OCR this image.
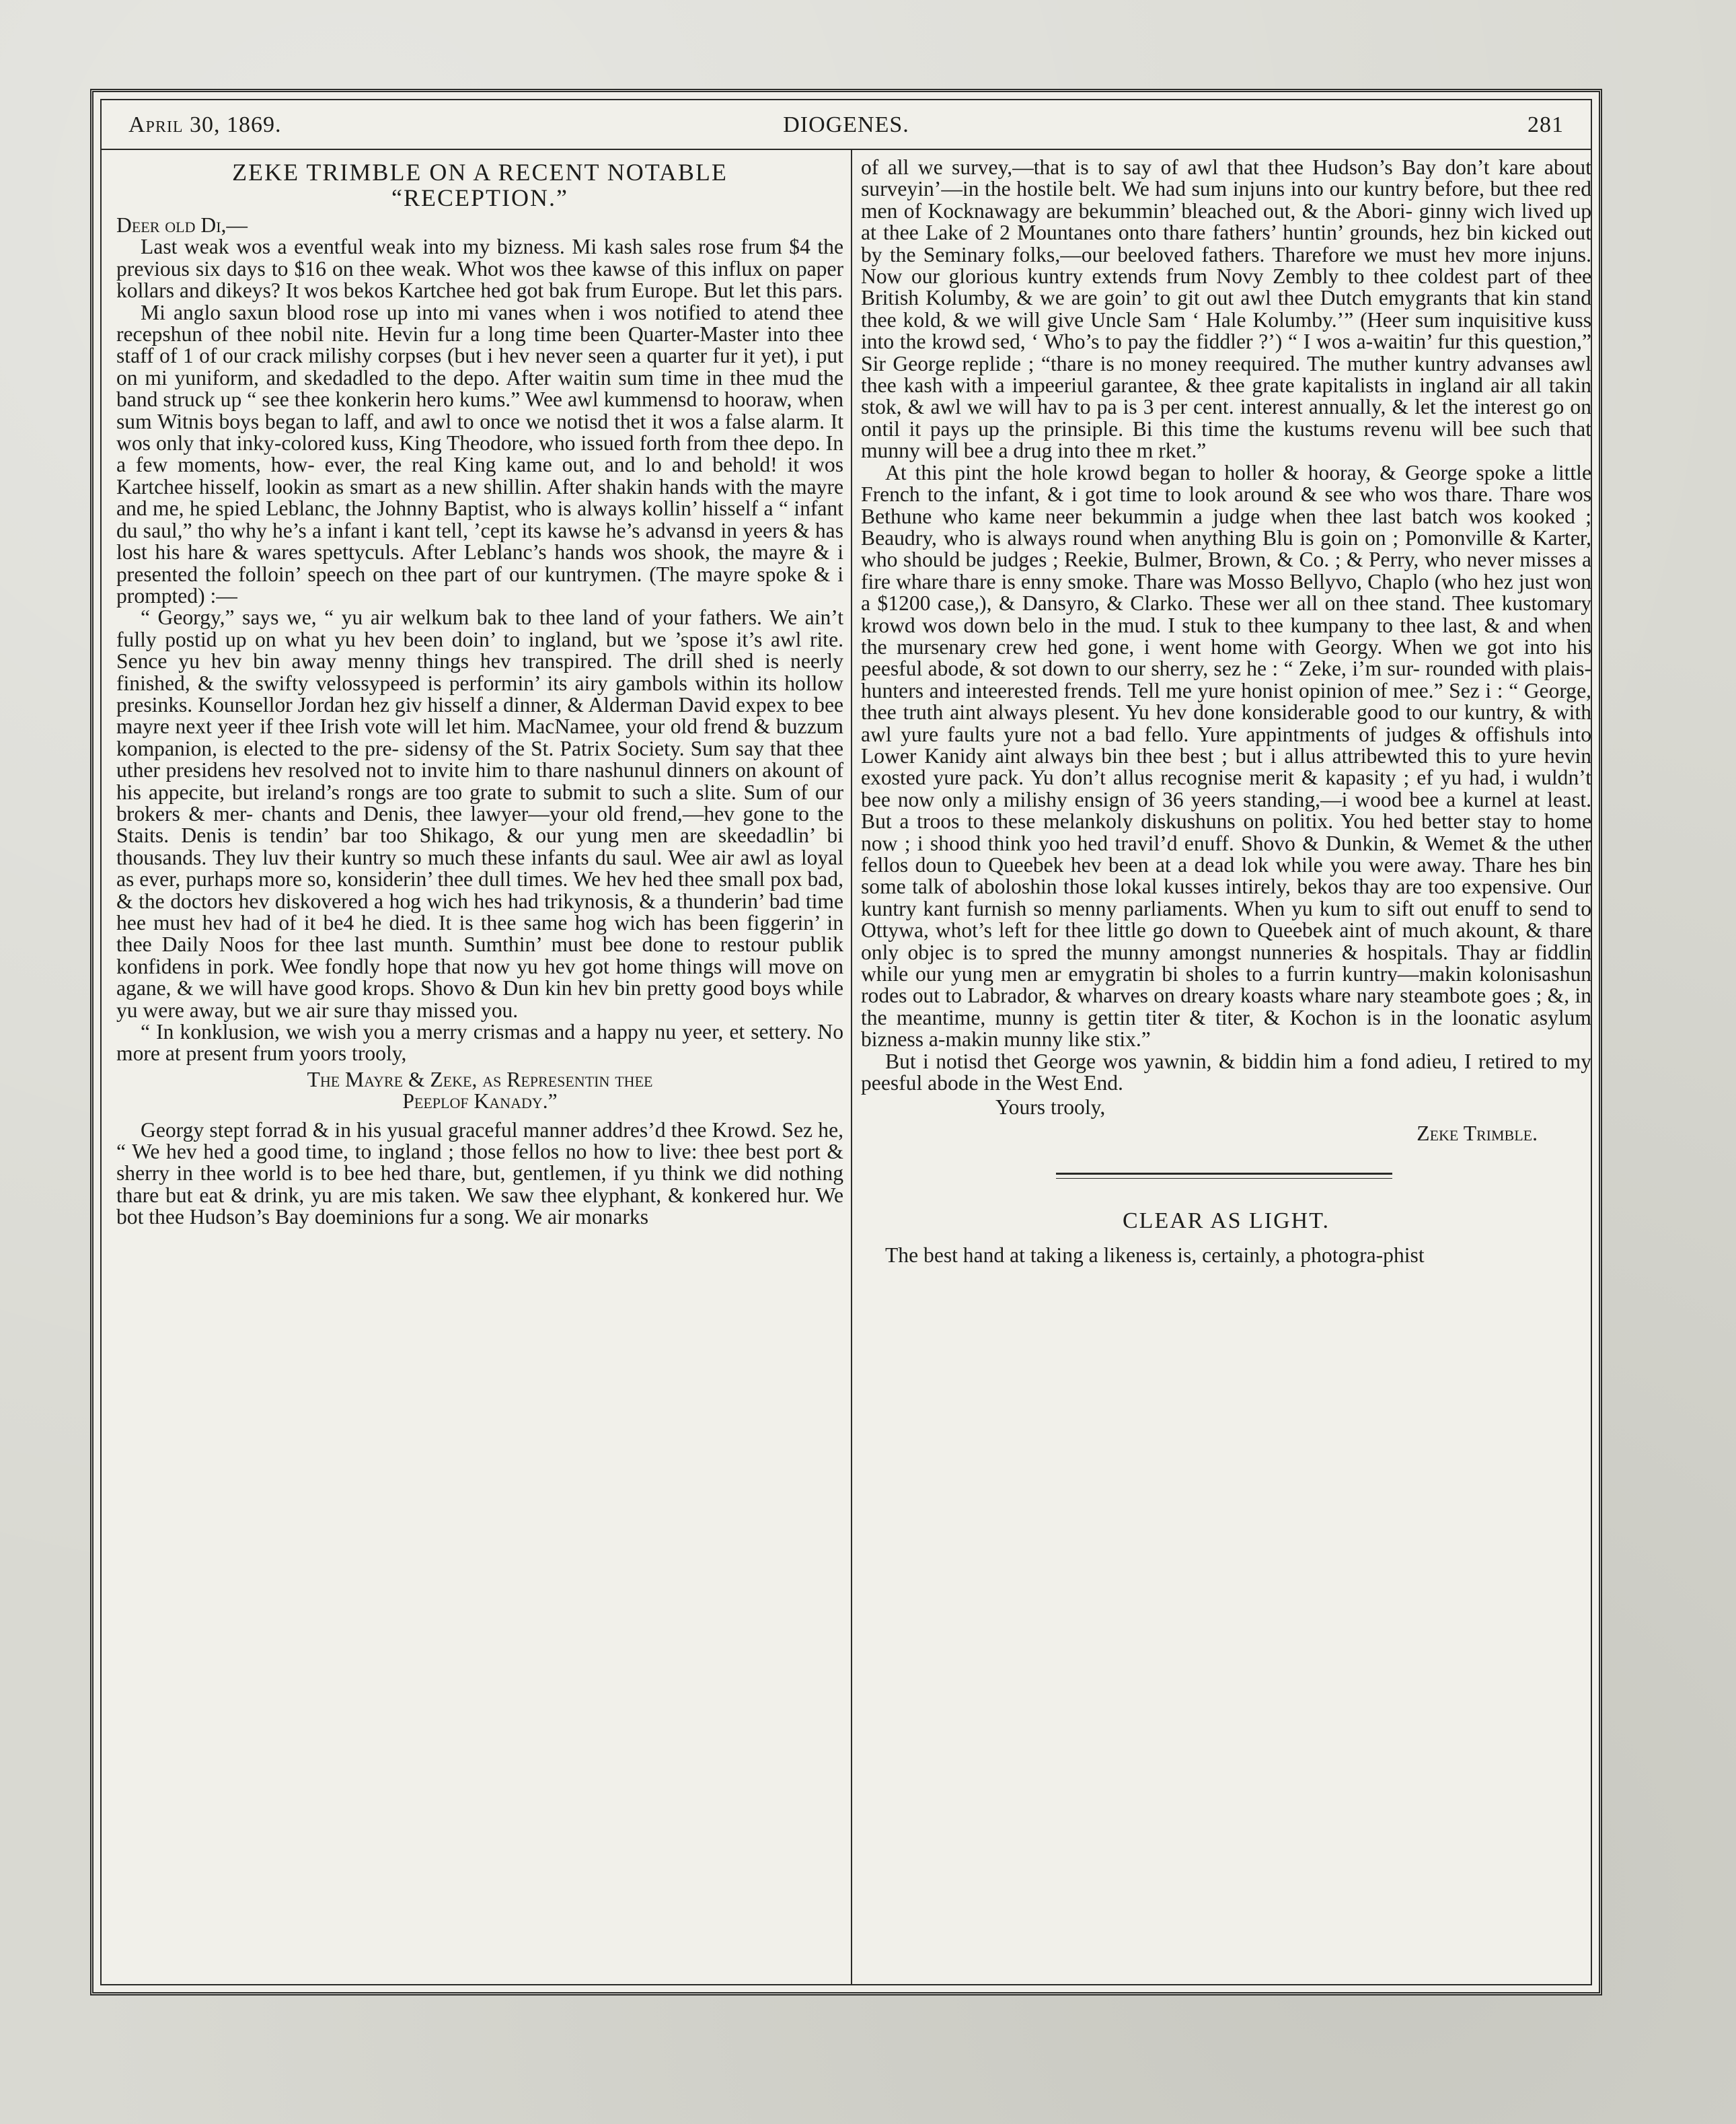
April 30, 1869.	DIOGENES.	281
ZEKE TRIMBLE ON A RECENT NOTABLE
“RECEPTION.”

Deer old Di,—

Last weak wos a eventful weak into my bizness. Mi kash sales rose frum $4 the previous six days to $16 on thee weak. Whot wos thee kawse of this influx on paper kollars and dikeys? It wos bekos Kartchee hed got bak frum Europe. But let this pars.

Mi anglo saxun blood rose up into mi vanes when i wos notified to atend thee recepshun of thee nobil nite. Hevin fur a long time been Quarter-Master into thee staff of 1 of our crack milishy corpses (but i hev never seen a quarter fur it yet), i put on mi yuniform, and skedadled to the depo. After waitin sum time in thee mud the band struck up “ see thee konkerin hero kums.” Wee awl kummensd to hooraw, when sum Witnis boys began to laff, and awl to once we notisd thet it wos a false alarm. It wos only that inky-colored kuss, King Theodore, who issued forth from thee depo. In a few moments, how- ever, the real King kame out, and lo and behold! it wos Kartchee hisself, lookin as smart as a new shillin. After shakin hands with the mayre and me, he spied Leblanc, the Johnny Baptist, who is always kollin’ hisself a “ infant du saul,” tho why he’s a infant i kant tell, ’cept its kawse he’s advansd in yeers & has lost his hare & wares spettyculs. After Leblanc’s hands wos shook, the mayre & i presented the folloin’ speech on thee part of our kuntrymen. (The mayre spoke & i prompted) :—

“ Georgy,” says we, “ yu air welkum bak to thee land of your fathers. We ain’t fully postid up on what yu hev been doin’ to ingland, but we ’spose it’s awl rite. Sence yu hev bin away menny things hev transpired. The drill shed is neerly finished, & the swifty velossypeed is performin’ its airy gambols within its hollow presinks. Kounsellor Jordan hez giv hisself a dinner, & Alderman David expex to bee mayre next yeer if thee Irish vote will let him. MacNamee, your old frend & buzzum kompanion, is elected to the pre- sidensy of the St. Patrix Society. Sum say that thee uther presidens hev resolved not to invite him to thare nashunul dinners on akount of his appecite, but ireland’s rongs are too grate to submit to such a slite. Sum of our brokers & mer- chants and Denis, thee lawyer—your old frend,—hev gone to the Staits. Denis is tendin’ bar too Shikago, & our yung men are skeedadlin’ bi thousands. They luv their kuntry so much these infants du saul. Wee air awl as loyal as ever, purhaps more so, konsiderin’ thee dull times. We hev hed thee small pox bad, & the doctors hev diskovered a hog wich hes had trikynosis, & a thunderin’ bad time hee must hev had of it be4 he died. It is thee same hog wich has been figgerin’ in thee Daily Noos for thee last munth. Sumthin’ must bee done to restour publik konfidens in pork. Wee fondly hope that now yu hev got home things will move on agane, & we will have good krops. Shovo & Dun kin hev bin pretty good boys while yu were away, but we air sure thay missed you.

“ In konklusion, we wish you a merry crismas and a happy nu yeer, et settery. No more at present frum yoors trooly,

The Mayre & Zeke, as Representin thee
Peeplof Kanady.”

Georgy stept forrad & in his yusual graceful manner addres’d thee Krowd. Sez he, “ We hev hed a good time, to ingland ; those fellos no how to live: thee best port & sherry in thee world is to bee hed thare, but, gentlemen, if yu think we did nothing thare but eat & drink, yu are mis taken. We saw thee elyphant, & konkered hur. We bot thee Hudson’s Bay doeminions fur a song. We air monarks

of all we survey,—that is to say of awl that thee Hudson’s Bay don’t kare about surveyin’—in the hostile belt. We had sum injuns into our kuntry before, but thee red men of Kocknawagy are bekummin’ bleached out, & the Abori- ginny wich lived up at thee Lake of 2 Mountanes onto thare fathers’ huntin’ grounds, hez bin kicked out by the Seminary folks,—our beeloved fathers. Tharefore we must hev more injuns. Now our glorious kuntry extends frum Novy Zembly to thee coldest part of thee British Kolumby, & we are goin’ to git out awl thee Dutch emygrants that kin stand thee kold, & we will give Uncle Sam ‘ Hale Kolumby.’” (Heer sum inquisitive kuss into the krowd sed, ‘ Who’s to pay the fiddler ?’) “ I wos a-waitin’ fur this question,” Sir George replide ; “thare is no money reequired. The muther kuntry advanses awl thee kash with a impeeriul garantee, & thee grate kapitalists in ingland air all takin stok, & awl we will hav to pa is 3 per cent. interest annually, & let the interest go on ontil it pays up the prinsiple. Bi this time the kustums revenu will bee such that munny will bee a drug into thee m rket.”

At this pint the hole krowd began to holler & hooray, & George spoke a little French to the infant, & i got time to look around & see who wos thare. Thare wos Bethune who kame neer bekummin a judge when thee last batch wos kooked ; Beaudry, who is always round when anything Blu is goin on ; Pomonville & Karter, who should be judges ; Reekie, Bulmer, Brown, & Co. ; & Perry, who never misses a fire whare thare is enny smoke. Thare was Mosso Bellyvo, Chaplo (who hez just won a $1200 case,), & Dansyro, & Clarko. These wer all on thee stand. Thee kustomary krowd wos down belo in the mud. I stuk to thee kumpany to thee last, & and when the mursenary crew hed gone, i went home with Georgy. When we got into his peesful abode, & sot down to our sherry, sez he : “ Zeke, i’m sur- rounded with plais-hunters and inteerested frends. Tell me yure honist opinion of mee.” Sez i : “ George, thee truth aint always plesent. Yu hev done konsiderable good to our kuntry, & with awl yure faults yure not a bad fello. Yure appintments of judges & offishuls into Lower Kanidy aint always bin thee best ; but i allus attribewted this to yure hevin exosted yure pack. Yu don’t allus recognise merit & kapasity ; ef yu had, i wuldn’t bee now only a milishy ensign of 36 yeers standing,—i wood bee a kurnel at least. But a troos to these melankoly diskushuns on politix. You hed better stay to home now ; i shood think yoo hed travil’d enuff. Shovo & Dunkin, & Wemet & the uther fellos doun to Queebek hev been at a dead lok while you were away. Thare hes bin some talk of aboloshin those lokal kusses intirely, bekos thay are too expensive. Our kuntry kant furnish so menny parliaments. When yu kum to sift out enuff to send to Ottywa, whot’s left for thee little go down to Queebek aint of much akount, & thare only objec is to spred the munny amongst nunneries & hospitals. Thay ar fiddlin while our yung men ar emygratin bi sholes to a furrin kuntry—makin kolonisashun rodes out to Labrador, & wharves on dreary koasts whare nary steambote goes ; &, in the meantime, munny is gettin titer & titer, & Kochon is in the loonatic asylum bizness a-makin munny like stix.”

But i notisd thet George wos yawnin, & biddin him a fond adieu, I retired to my peesful abode in the West End.

Yours trooly,

Zeke Trimble.

CLEAR AS LIGHT.

The best hand at taking a likeness is, certainly, a photogra-phist
